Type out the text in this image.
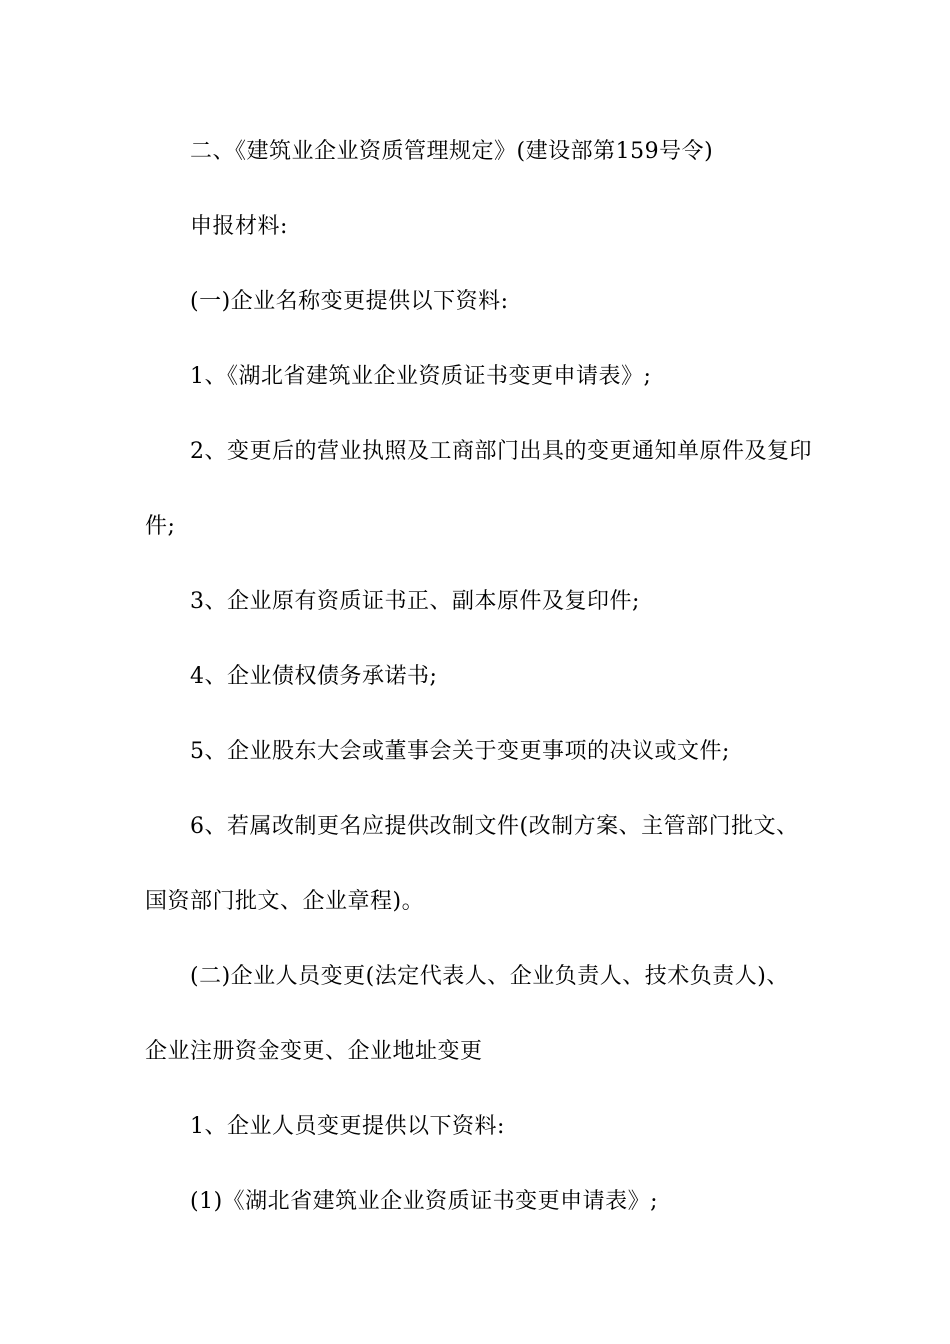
二、《建筑业企业资质管理规定》(建设部第159号令)
申报材料:
(一)企业名称变更提供以下资料:
1、《湖北省建筑业企业资质证书变更申请表》;
2、变更后的营业执照及工商部门出具的变更通知单原件及复印
件;
3、企业原有资质证书正、副本原件及复印件;
4、企业债权债务承诺书;
5、企业股东大会或董事会关于变更事项的决议或文件;
6、若属改制更名应提供改制文件(改制方案、主管部门批文、
国资部门批文、企业章程)。
(二)企业人员变更(法定代表人、企业负责人、技术负责人)、
企业注册资金变更、企业地址变更
1、企业人员变更提供以下资料:
(1)《湖北省建筑业企业资质证书变更申请表》;
